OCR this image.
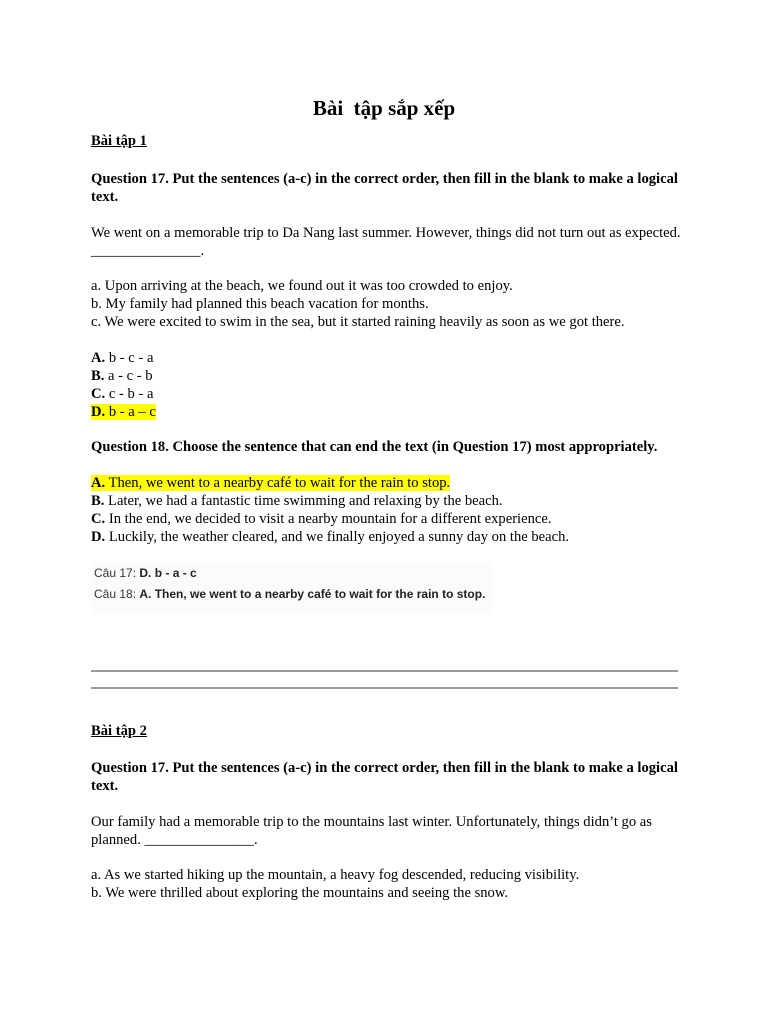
Bài  tập sắp xếp
Bài tập 1
Question 17. Put the sentences (a-c) in the correct order, then fill in the blank to make a logical text.
We went on a memorable trip to Da Nang last summer. However, things did not turn out as expected. _______________.
a. Upon arriving at the beach, we found out it was too crowded to enjoy.
b. My family had planned this beach vacation for months.
c. We were excited to swim in the sea, but it started raining heavily as soon as we got there.
A. b - c - a
B. a - c - b
C. c - b - a
D. b - a – c
Question 18. Choose the sentence that can end the text (in Question 17) most appropriately.
A. Then, we went to a nearby café to wait for the rain to stop.
B. Later, we had a fantastic time swimming and relaxing by the beach.
C. In the end, we decided to visit a nearby mountain for a different experience.
D. Luckily, the weather cleared, and we finally enjoyed a sunny day on the beach.
Câu 17: D. b - a - c
Câu 18: A. Then, we went to a nearby café to wait for the rain to stop.
Bài tập 2
Question 17. Put the sentences (a-c) in the correct order, then fill in the blank to make a logical text.
Our family had a memorable trip to the mountains last winter. Unfortunately, things didn’t go as planned. _______________.
a. As we started hiking up the mountain, a heavy fog descended, reducing visibility.
b. We were thrilled about exploring the mountains and seeing the snow.
